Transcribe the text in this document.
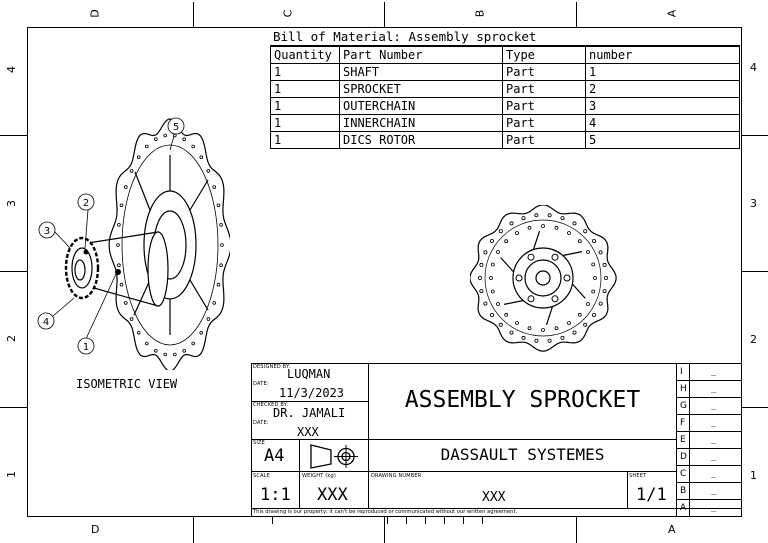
D	C	B	A
D	A
4
3
2
1
4
3
2
1
Bill of Material: Assembly sprocket
Quantity	Part Number	Type	number
1	SHAFT	Part	1
1	SPROCKET	Part	2
1	OUTERCHAIN	Part	3
1	INNERCHAIN	Part	4
1	DICS ROTOR	Part	5
5
2
3
4
1
ISOMETRIC VIEW
DESIGNED BY:
LUQMAN
DATE:
11/3/2023
CHECKED BY:
DR. JAMALI
DATE:
XXX
ASSEMBLY SPROCKET
SIZE
A4	DASSAULT SYSTEMES
SCALE
1:1
WEIGHT (kg)
XXX
DRAWING NUMBER
XXX
SHEET
1/1
This drawing is our property; it can't be reproduced or communicated without our written agreement.
I	_
H	_
G	_
F	_
E	_
D	_
C	_
B	_
A	_
